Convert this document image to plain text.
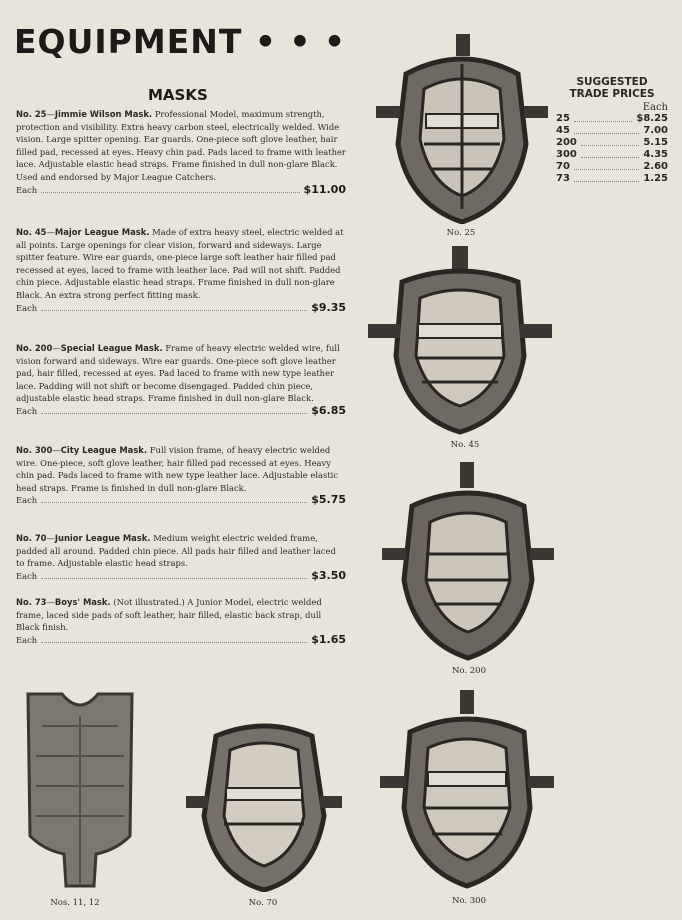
EQUIPMENT • • •
MASKS
No. 25—Jimmie Wilson Mask. Professional Model, maximum strength, protection and visibility. Extra heavy carbon steel, electrically welded. Wide vision. Large spitter opening. Ear guards. One-piece soft glove leather, hair filled pad, recessed at eyes. Heavy chin pad. Pads laced to frame with leather lace. Adjustable elastic head straps. Frame finished in dull non-glare Black. Used and endorsed by Major League Catchers.
Each	$11.00
No. 45—Major League Mask. Made of extra heavy steel, electric welded at all points. Large openings for clear vision, forward and sideways. Large spitter feature. Wire ear guards, one-piece large soft leather hair filled pad recessed at eyes, laced to frame with leather lace. Pad will not shift. Padded chin piece. Adjustable elastic head straps. Frame finished in dull non-glare Black. An extra strong perfect fitting mask.
Each	$9.35
No. 200—Special League Mask. Frame of heavy electric welded wire, full vision forward and sideways. Wire ear guards. One-piece soft glove leather pad, hair filled, recessed at eyes. Pad laced to frame with new type leather lace. Padding will not shift or become disengaged. Padded chin piece, adjustable elastic head straps. Frame finished in dull non-glare Black.
Each	$6.85
No. 300—City League Mask. Full vision frame, of heavy electric welded wire. One-piece, soft glove leather, hair filled pad recessed at eyes. Heavy chin pad. Pads laced to frame with new type leather lace. Adjustable elastic head straps. Frame is finished in dull non-glare Black.
Each	$5.75
No. 70—Junior League Mask. Medium weight electric welded frame, padded all around. Padded chin piece. All pads hair filled and leather laced to frame. Adjustable elastic head straps.
Each	$3.50
No. 73—Boys' Mask. (Not illustrated.) A Junior Model, electric welded frame, laced side pads of soft leather, hair filled, elastic back strap, dull Black finish.
Each	$1.65
SUGGESTED
TRADE PRICES
Each
25	$8.25
45	7.00
200	5.15
300	4.35
70	2.60
73	1.25
No. 25
No. 45
No. 200
Nos. 11, 12	No. 70	No. 300
